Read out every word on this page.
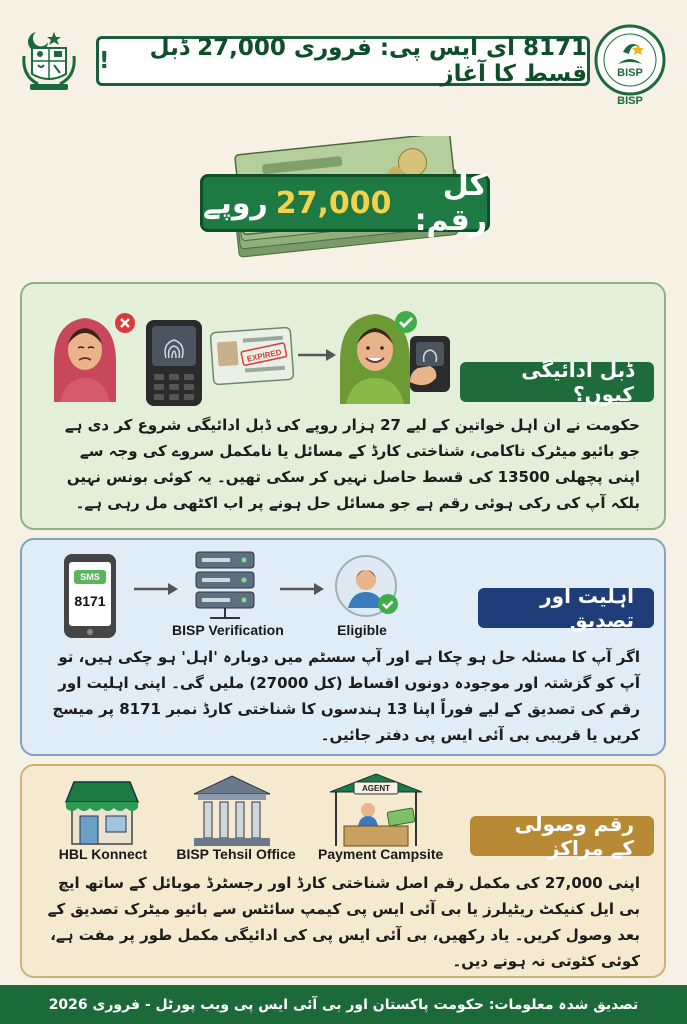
8171 ای ایس پی: فروری 27,000 ڈبل قسط کا آغاز
!	BISP
BISP
کل رقم:
27,000
روپے
EXPIRED
ڈبل ادائیگی کیوں؟
حکومت نے ان اہل خواتین کے لیے 27 ہزار روپے کی ڈبل ادائیگی شروع کر دی ہے جو بائیو میٹرک ناکامی، شناختی کارڈ کے مسائل یا نامکمل سروے کی وجہ سے اپنی پچھلی 13500 کی قسط حاصل نہیں کر سکی تھیں۔ یہ کوئی بونس نہیں بلکہ آپ کی رکی ہوئی رقم ہے جو مسائل حل ہونے پر اب اکٹھی مل رہی ہے۔
SMS
8171
BISP Verification	Eligible
اہلیت اور تصدیق
اگر آپ کا مسئلہ حل ہو چکا ہے اور آپ سسٹم میں دوبارہ 'اہل' ہو چکی ہیں، تو آپ کو گزشتہ اور موجودہ دونوں اقساط (کل 27000) ملیں گی۔ اپنی اہلیت اور رقم کی تصدیق کے لیے فوراً اپنا 13 ہندسوں کا شناختی کارڈ نمبر 8171 پر میسج کریں یا قریبی بی آئی ایس پی دفتر جائیں۔
HBL Konnect	BISP Tehsil Office
AGENT
Payment Campsite
رقم وصولی کے مراکز
اپنی 27,000 کی مکمل رقم اصل شناختی کارڈ اور رجسٹرڈ موبائل کے ساتھ ایچ بی ایل کنیکٹ ریٹیلرز یا بی آئی ایس پی کیمپ سائٹس سے بائیو میٹرک تصدیق کے بعد وصول کریں۔ یاد رکھیں، بی آئی ایس پی کی ادائیگی مکمل طور پر مفت ہے، کوئی کٹوتی نہ ہونے دیں۔
تصدیق شدہ معلومات: حکومت پاکستان اور بی آئی ایس پی ویب پورٹل - فروری 2026
